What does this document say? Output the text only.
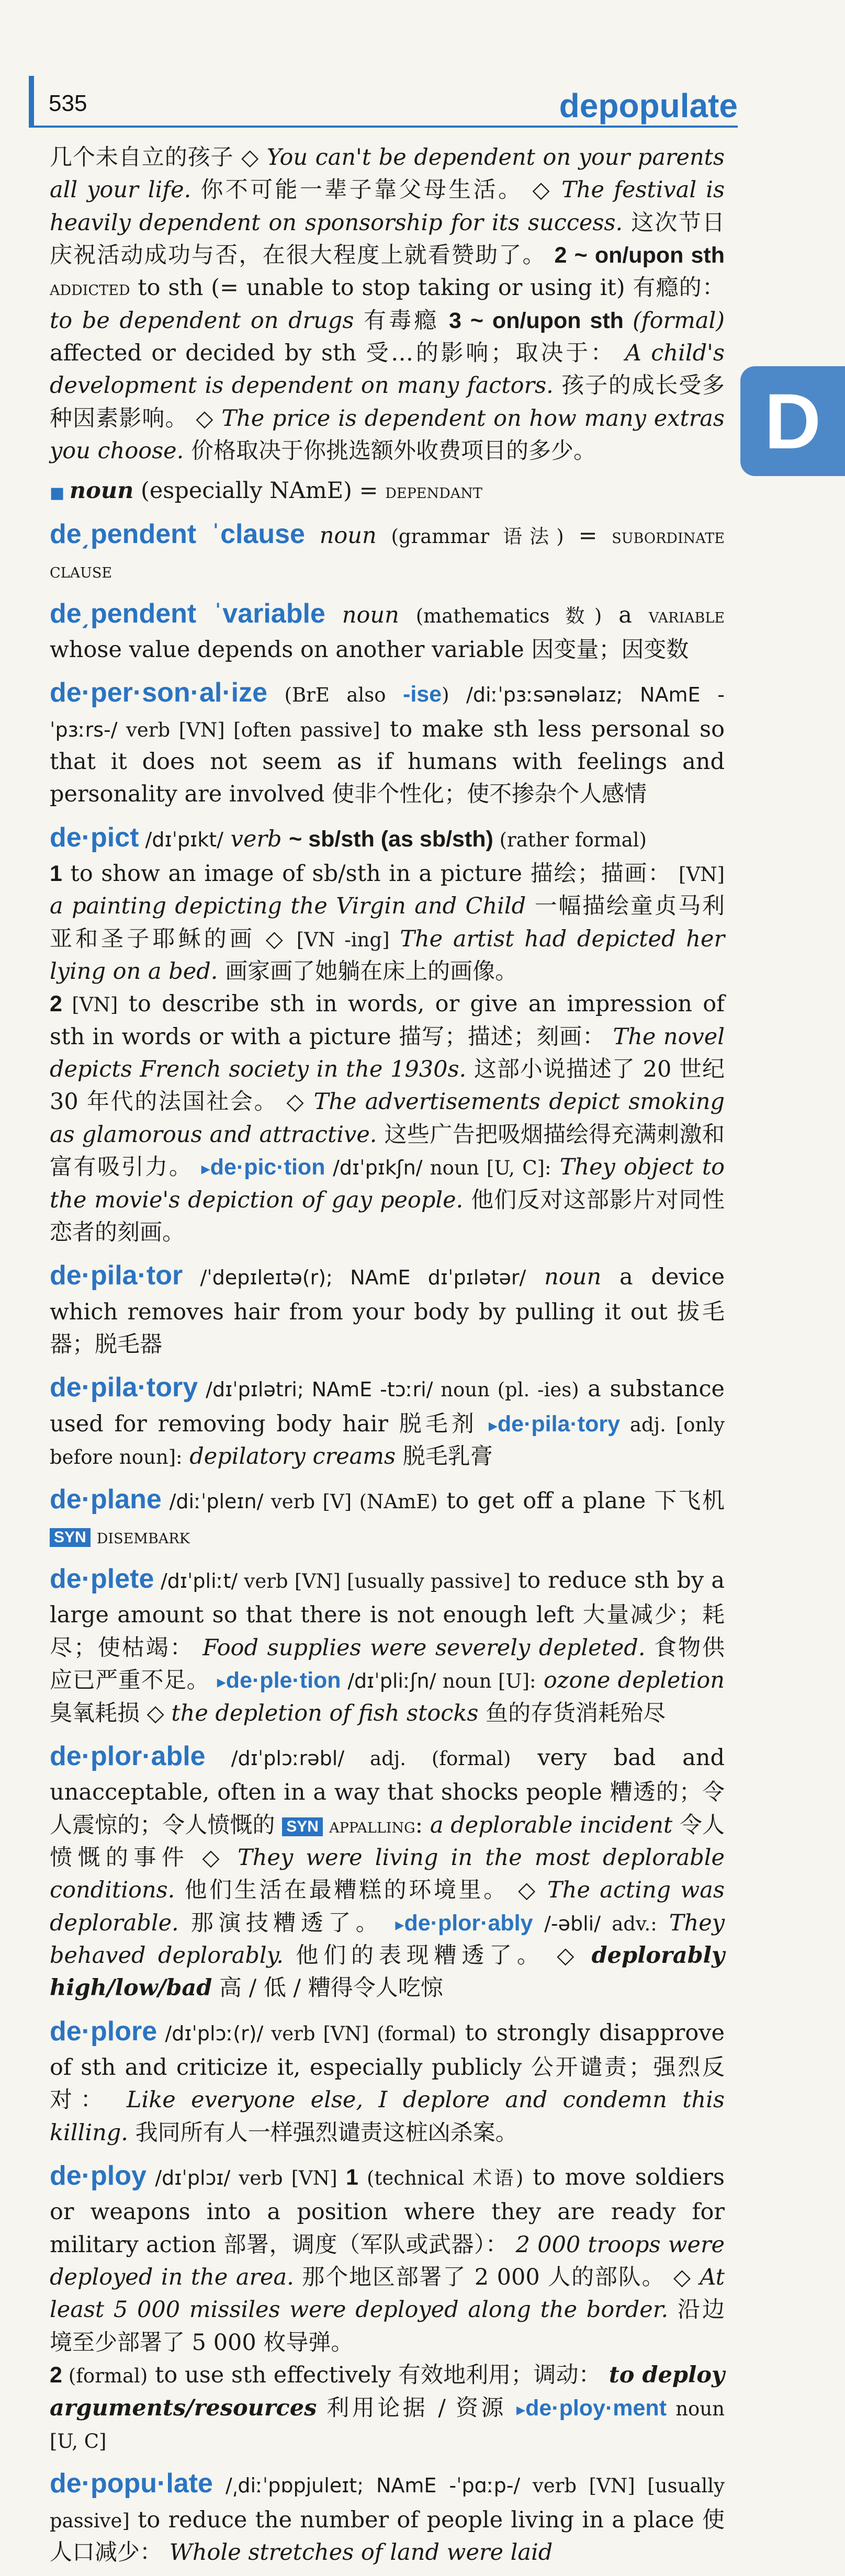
535	depopulate
D

几个未自立的孩子 ◇ You can't be dependent on your parents all your life. 你不可能一辈子靠父母生活。 ◇ The festival is heavily dependent on sponsorship for its success. 这次节日庆祝活动成功与否，在很大程度上就看赞助了。 2 ~ on/upon sth addicted to sth (= unable to stop taking or using it) 有瘾的： to be dependent on drugs 有毒瘾 3 ~ on/upon sth (formal) affected or decided by sth 受…的影响；取决于： A child's development is dependent on many factors. 孩子的成长受多种因素影响。 ◇ The price is dependent on how many extras you choose. 价格取决于你挑选额外收费项目的多少。

■ noun (especially NAmE) = dependant

de͵pendent ˈclause noun (grammar 语法) = subordinate clause

de͵pendent ˈvariable noun (mathematics 数) a variable whose value depends on another variable 因变量；因变数

de·per·son·al·ize (BrE also -ise) /diːˈpɜːsənəlaɪz; NAmE -ˈpɜːrs-/ verb [VN] [often passive] to make sth less personal so that it does not seem as if humans with feelings and personality are involved 使非个性化；使不掺杂个人感情

de·pict /dɪˈpɪkt/ verb ~ sb/sth (as sb/sth) (rather formal)
1 to show an image of sb/sth in a picture 描绘；描画： [VN] a painting depicting the Virgin and Child 一幅描绘童贞马利亚和圣子耶稣的画 ◇ [VN -ing] The artist had depicted her lying on a bed. 画家画了她躺在床上的画像。
2 [VN] to describe sth in words, or give an impression of sth in words or with a picture 描写；描述；刻画： The novel depicts French society in the 1930s. 这部小说描述了 20 世纪 30 年代的法国社会。 ◇ The advertisements depict smoking as glamorous and attractive. 这些广告把吸烟描绘得充满刺激和富有吸引力。 ▸de·pic·tion /dɪˈpɪkʃn/ noun [U, C]: They object to the movie's depiction of gay people. 他们反对这部影片对同性恋者的刻画。

de·pila·tor /ˈdepɪleɪtə(r); NAmE dɪˈpɪlətər/ noun a device which removes hair from your body by pulling it out 拔毛器；脱毛器

de·pila·tory /dɪˈpɪlətri; NAmE -tɔːri/ noun (pl. -ies) a substance used for removing body hair 脱毛剂 ▸de·pila·tory adj. [only before noun]: depilatory creams 脱毛乳膏

de·plane /diːˈpleɪn/ verb [V] (NAmE) to get off a plane 下飞机 SYN disembark

de·plete /dɪˈpliːt/ verb [VN] [usually passive] to reduce sth by a large amount so that there is not enough left 大量减少；耗尽；使枯竭： Food supplies were severely depleted. 食物供应已严重不足。 ▸de·ple·tion /dɪˈpliːʃn/ noun [U]: ozone depletion 臭氧耗损 ◇ the depletion of fish stocks 鱼的存货消耗殆尽

de·plor·able /dɪˈplɔːrəbl/ adj. (formal) very bad and unacceptable, often in a way that shocks people 糟透的；令人震惊的；令人愤慨的 SYN appalling: a deplorable incident 令人愤慨的事件 ◇ They were living in the most deplorable conditions. 他们生活在最糟糕的环境里。 ◇ The acting was deplorable. 那演技糟透了。 ▸de·plor·ably /-əbli/ adv.: They behaved deplorably. 他们的表现糟透了。 ◇ deplorably high/low/bad 高 / 低 / 糟得令人吃惊

de·plore /dɪˈplɔː(r)/ verb [VN] (formal) to strongly disapprove of sth and criticize it, especially publicly 公开谴责；强烈反对： Like everyone else, I deplore and condemn this killing. 我同所有人一样强烈谴责这桩凶杀案。

de·ploy /dɪˈplɔɪ/ verb [VN] 1 (technical 术语) to move soldiers or weapons into a position where they are ready for military action 部署，调度（军队或武器）： 2 000 troops were deployed in the area. 那个地区部署了 2 000 人的部队。 ◇ At least 5 000 missiles were deployed along the border. 沿边境至少部署了 5 000 枚导弹。
2 (formal) to use sth effectively 有效地利用；调动： to deploy arguments/resources 利用论据 / 资源 ▸de·ploy·ment noun [U, C]

de·popu·late /͵diːˈpɒpjuleɪt; NAmE -ˈpɑːp-/ verb [VN] [usually passive] to reduce the number of people living in a place 使人口减少： Whole stretches of land were laid
